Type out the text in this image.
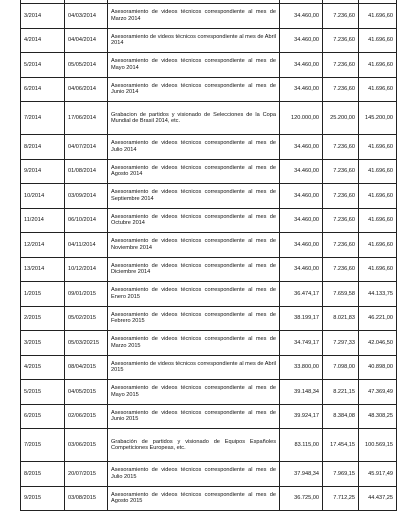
3/2014	04/03/2014	Asesoramiento de videos técnicos correspondiente al mes de Marzo 2014	34.460,00	7.236,60	41.696,60
4/2014	04/04/2014	Asesoramiento de videos técnicos correspondiente al mes de Abril 2014	34.460,00	7.236,60	41.696,60
5/2014	05/05/2014	Asesoramiento de videos técnicos correspondiente al mes de Mayo 2014	34.460,00	7.236,60	41.696,60
6/2014	04/06/2014	Asesoramiento de videos técnicos correspondiente al mes de Junio 2014	34.460,00	7.236,60	41.696,60
7/2014	17/06/2014	Grabacion de partidos y visionado de Selecciones de la Copa Mundial de Brasil 2014, etc.	120.000,00	25.200,00	145.200,00
8/2014	04/07/2014	Asesoramiento de videos técnicos correspondiente al mes de Julio 2014	34.460,00	7.236,60	41.696,60
9/2014	01/08/2014	Asesoramiento de videos técnicos correspondiente al mes de Agosto 2014	34.460,00	7.236,60	41.696,60
10/2014	03/09/2014	Asesoramiento de videos técnicos correspondiente al mes de Septiembre 2014	34.460,00	7.236,60	41.696,60
11/2014	06/10/2014	Asesoramiento de videos técnicos correspondiente al mes de Octubre 2014	34.460,00	7.236,60	41.696,60
12/2014	04/11/2014	Asesoramiento de videos técnicos correspondiente al mes de Noviembre 2014	34.460,00	7.236,60	41.696,60
13/2014	10/12/2014	Asesoramiento de videos técnicos correspondiente al mes de Diciembre 2014	34.460,00	7.236,60	41.696,60
1/2015	09/01/2015	Asesoramiento de videos técnicos correspondiente al mes de Enero 2015	36.474,17	7.659,58	44.133,75
2/2015	05/02/2015	Asesoramiento de videos técnicos correspondiente al mes de Febrero 2015	38.199,17	8.021,83	46.221,00
3/2015	05/03/20215	Asesoramiento de videos técnicos correspondiente al mes de Marzo 2015	34.749,17	7.297,33	42.046,50
4/2015	08/04/2015	Asesoramiento de videos técnicos correspondiente al mes de Abril 2015	33.800,00	7.098,00	40.898,00
5/2015	04/05/2015	Asesoramiento de videos técnicos correspondiente al mes de Mayo 2015	39.148,34	8.221,15	47.369,49
6/2015	02/06/2015	Asesoramiento de videos técnicos correspondiente al mes de Junio 2015	39.924,17	8.384,08	48.308,25
7/2015	03/06/2015	Grabación de partidos y visionado de Equipos Españoles Competiciones Europeas, etc.	83.115,00	17.454,15	100.569,15
8/2015	20/07/2015	Asesoramiento de videos técnicos correspondiente al mes de Julio 2015	37.948,34	7.969,15	45.917,49
9/2015	03/08/2015	Asesoramiento de videos técnicos correspondiente al mes de Agosto 2015	36.725,00	7.712,25	44.437,25
